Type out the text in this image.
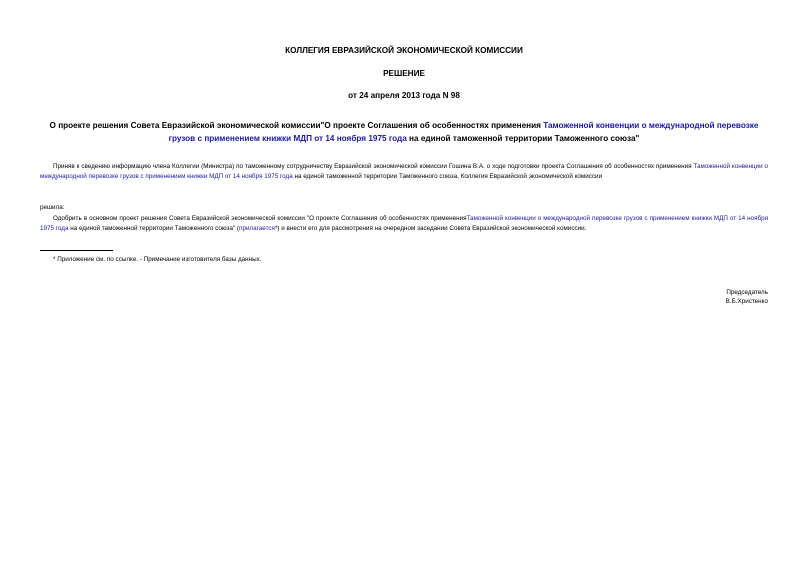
КОЛЛЕГИЯ ЕВРАЗИЙСКОЙ ЭКОНОМИЧЕСКОЙ КОМИССИИ

РЕШЕНИЕ

от 24 апреля 2013 года N 98

О проекте решения Совета Евразийской экономической комиссии"О проекте Соглашения об особенностях применения Таможенной конвенции о международной перевозке грузов с применением книжки МДП от 14 ноября 1975 года на единой таможенной территории Таможенного союза"

Приняв к сведению информацию члена Коллегии (Министра) по таможенному сотрудничеству Евразийской экономической комиссии Гошина В.А. о ходе подготовки проекта Соглашения об особенностях применения Таможенной конвенции о международной перевозке грузов с применением книжки МДП от 14 ноября 1975 года на единой таможенной территории Таможенного союза, Коллегия Евразийской экономической комиссии

решила:

Одобрить в основном проект решения Совета Евразийской экономической комиссии "О проекте Соглашения об особенностях примененияТаможенной конвенции о международной перевозке грузов с применением книжки МДП от 14 ноября 1975 года на единой таможенной территории Таможенного союза" (прилагается*) и внести его для рассмотрения на очередном заседании Совета Евразийской экономической комиссии.

* Приложение см. по ссылке. - Примечание изготовителя базы данных.

Председатель

В.Б.Христенко
